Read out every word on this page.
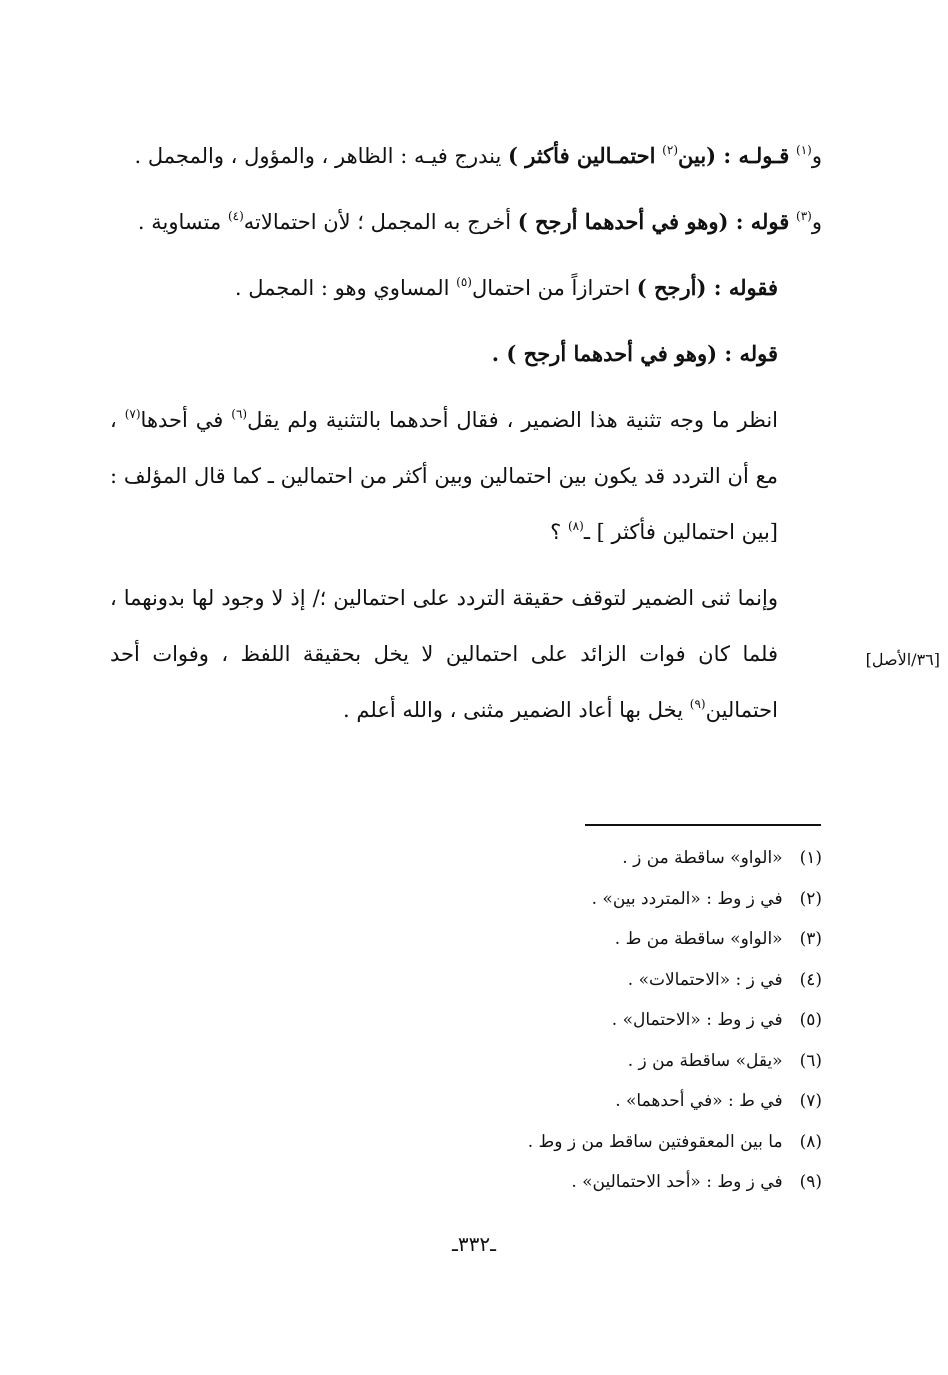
و$^{(١)}$ قـولـه : (بين$^{(٢)}$ احتمـالين فأكثر ) يندرج فيـه : الظاهر ، والمؤول ، والمجمل .

و$^{(٣)}$ قوله : (وهو في أحدهما أرجح ) أخرج به المجمل ؛ لأن احتمالاته$^{(٤)}$ متساوية .

فقوله : (أرجح ) احترازاً من احتمال$^{(٥)}$ المساوي وهو : المجمل .

قوله : (وهو في أحدهما أرجح ) .

انظر ما وجه تثنية هذا الضمير ، فقال أحدهما بالتثنية ولم يقل$^{(٦)}$ في أحدها$^{(٧)}$ ، مع أن التردد قد يكون بين احتمالين وبين أكثر من احتمالين ـ كما قال المؤلف : [بين احتمالين فأكثر ] ـ$^{(٨)}$ ؟

وإنما ثنى الضمير لتوقف حقيقة التردد على احتمالين ؛/ إذ لا وجود لها بدونهما ، فلما كان فوات الزائد على احتمالين لا يخل بحقيقة اللفظ ، وفوات أحد احتمالين$^{(٩)}$ يخل بها أعاد الضمير مثنى ، والله أعلم .

[٣٦/الأصل]

(١) «الواو» ساقطة من ز .

(٢) في ز وط : «المتردد بين» .

(٣) «الواو» ساقطة من ط .

(٤) في ز : «الاحتمالات» .

(٥) في ز وط : «الاحتمال» .

(٦) «يقل» ساقطة من ز .

(٧) في ط : «في أحدهما» .

(٨) ما بين المعقوفتين ساقط من ز وط .

(٩) في ز وط : «أحد الاحتمالين» .

ـ٣٣٢ـ
